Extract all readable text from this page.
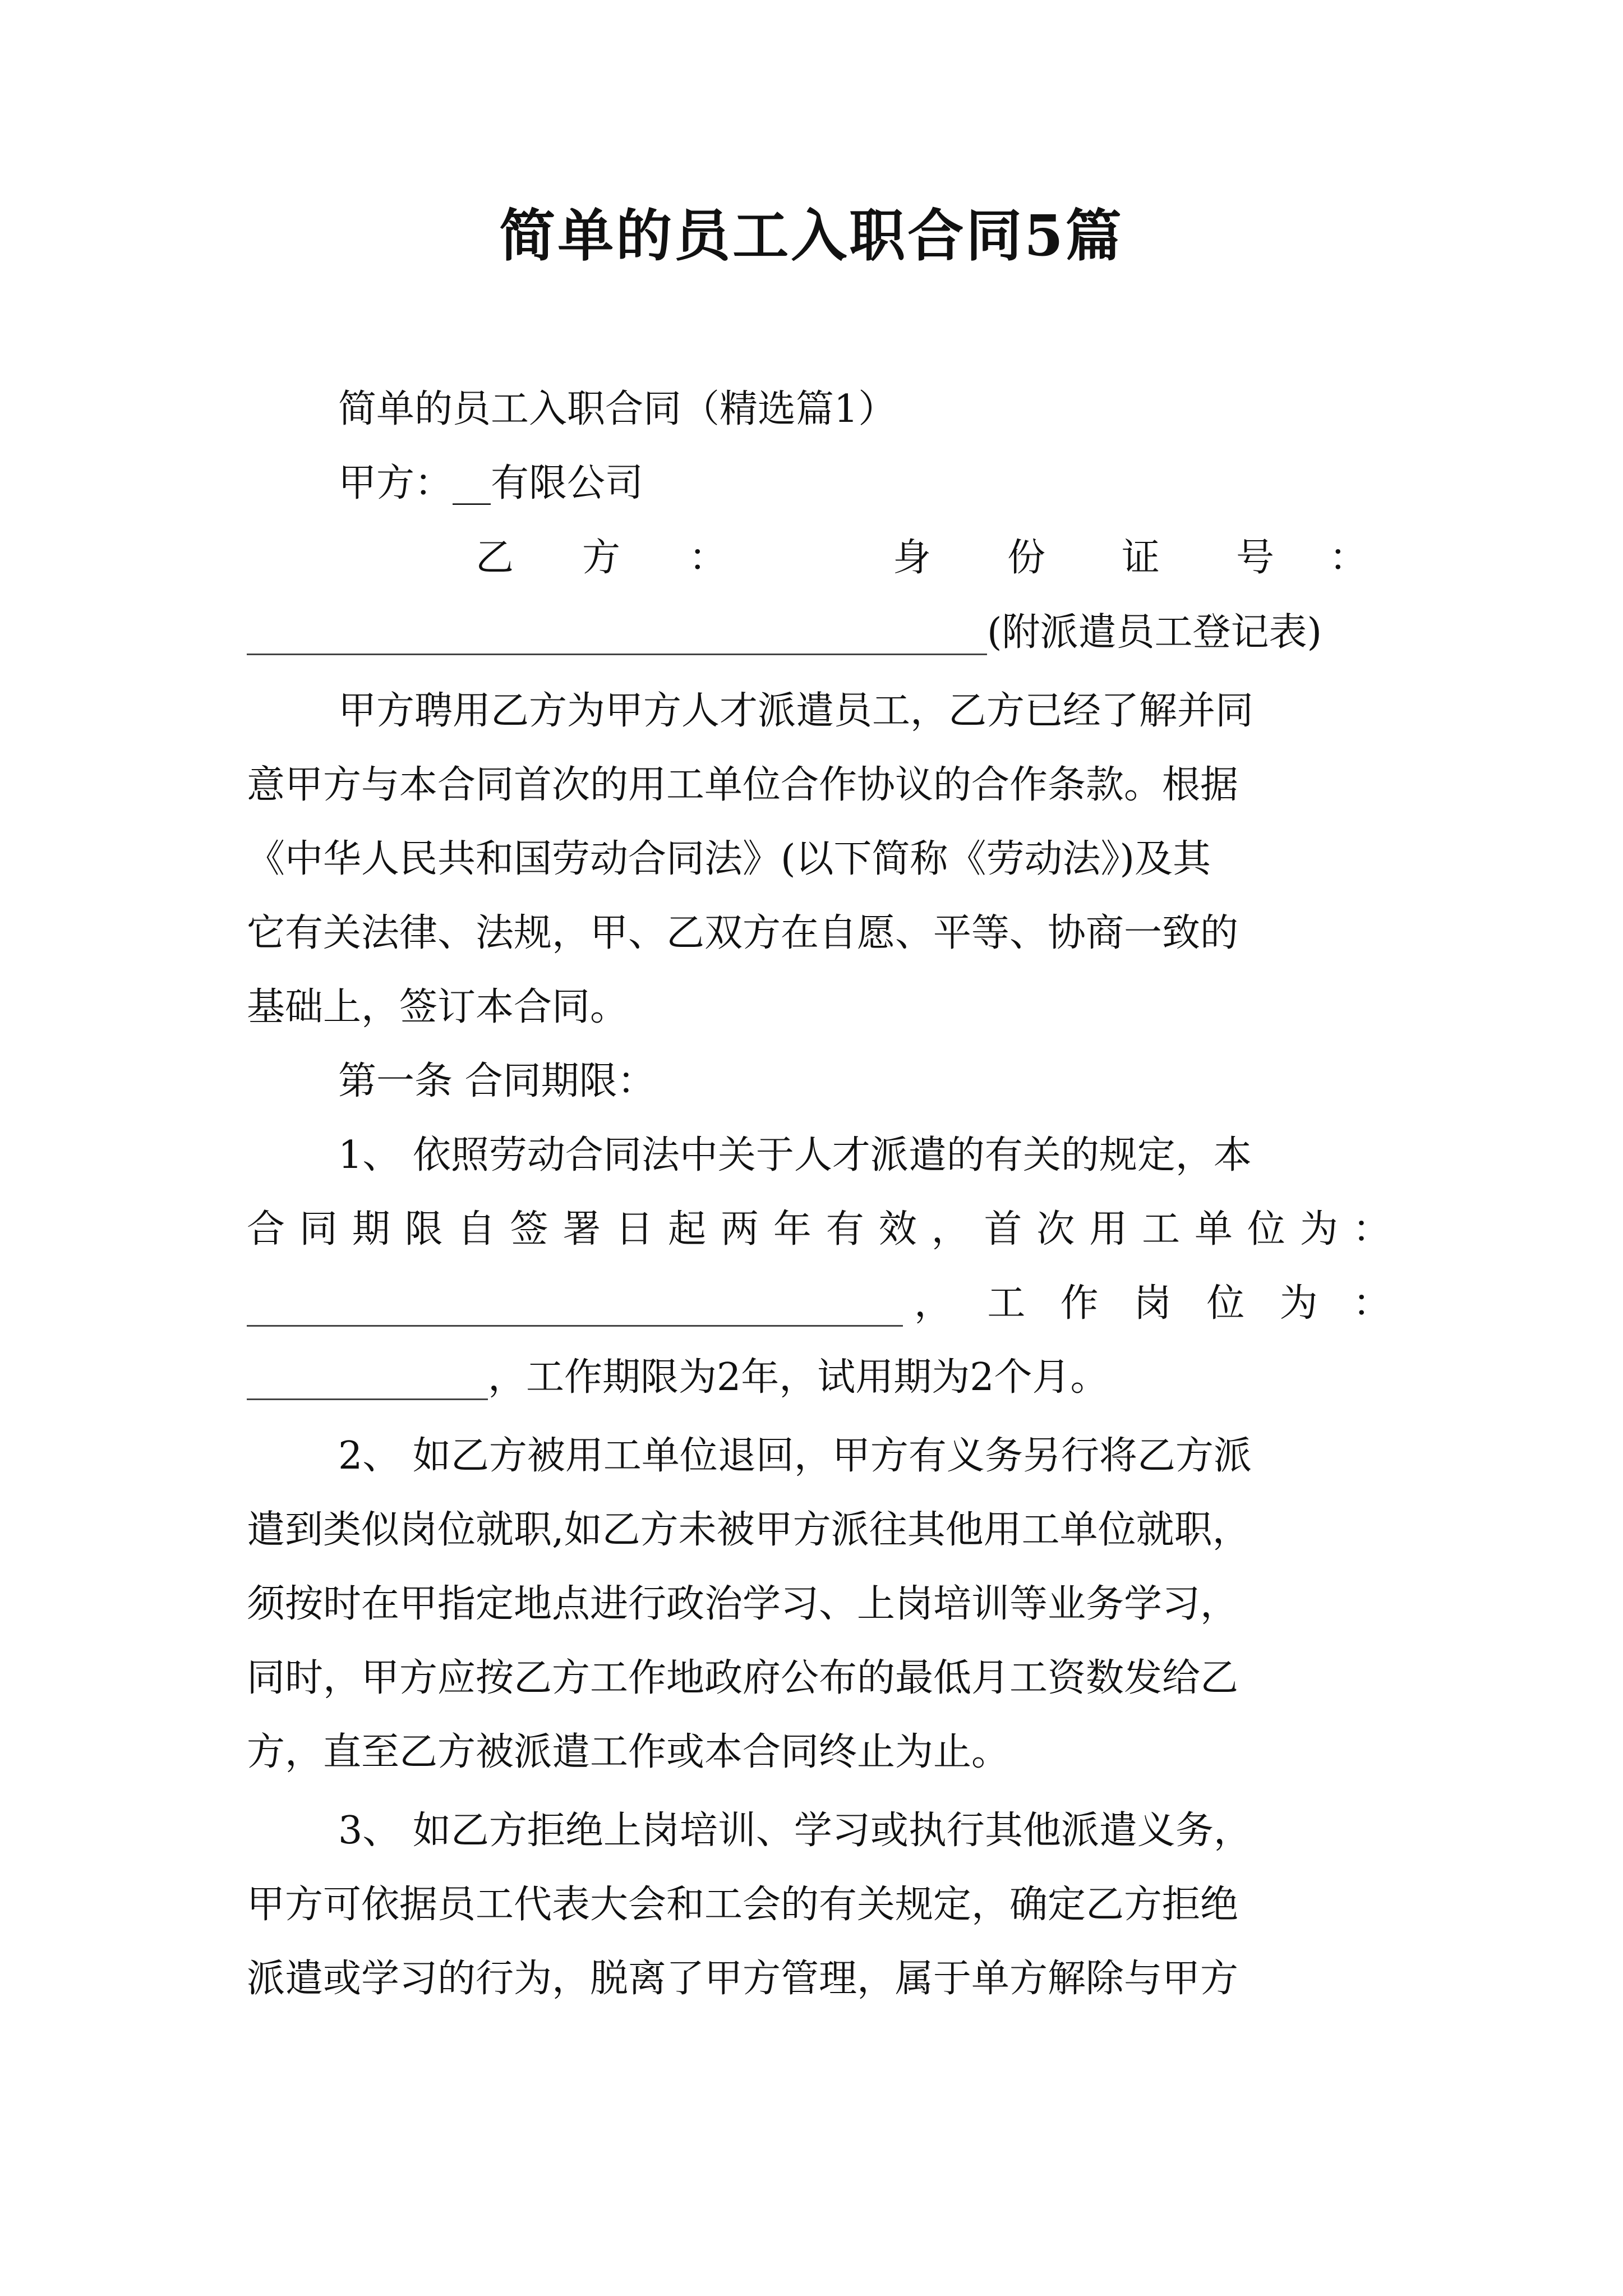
简单的员工入职合同5篇

简单的员工入职合同（精选篇1）

甲方：__有限公司

乙 方 ：	身 份 证 号 ：
(附派遣员工登记表)

甲方聘用乙方为甲方人才派遣员工，乙方已经了解并同

意甲方与本合同首次的用工单位合作协议的合作条款。根据

《中华人民共和国劳动合同法》(以下简称《劳动法》)及其

它有关法律、法规，甲、乙双方在自愿、平等、协商一致的

基础上，签订本合同。

第一条 合同期限：

1、 依照劳动合同法中关于人才派遣的有关的规定，本

合 同 期 限 自 签 署 日 起 两 年 有 效 ， 首 次 用 工 单 位 为 ：
， 工 作 岗 位 为 ：
，工作期限为2年，试用期为2个月。

2、 如乙方被用工单位退回，甲方有义务另行将乙方派

遣到类似岗位就职,如乙方未被甲方派往其他用工单位就职，

须按时在甲指定地点进行政治学习、上岗培训等业务学习，

同时，甲方应按乙方工作地政府公布的最低月工资数发给乙

方，直至乙方被派遣工作或本合同终止为止。

3、 如乙方拒绝上岗培训、学习或执行其他派遣义务，

甲方可依据员工代表大会和工会的有关规定，确定乙方拒绝

派遣或学习的行为，脱离了甲方管理，属于单方解除与甲方
